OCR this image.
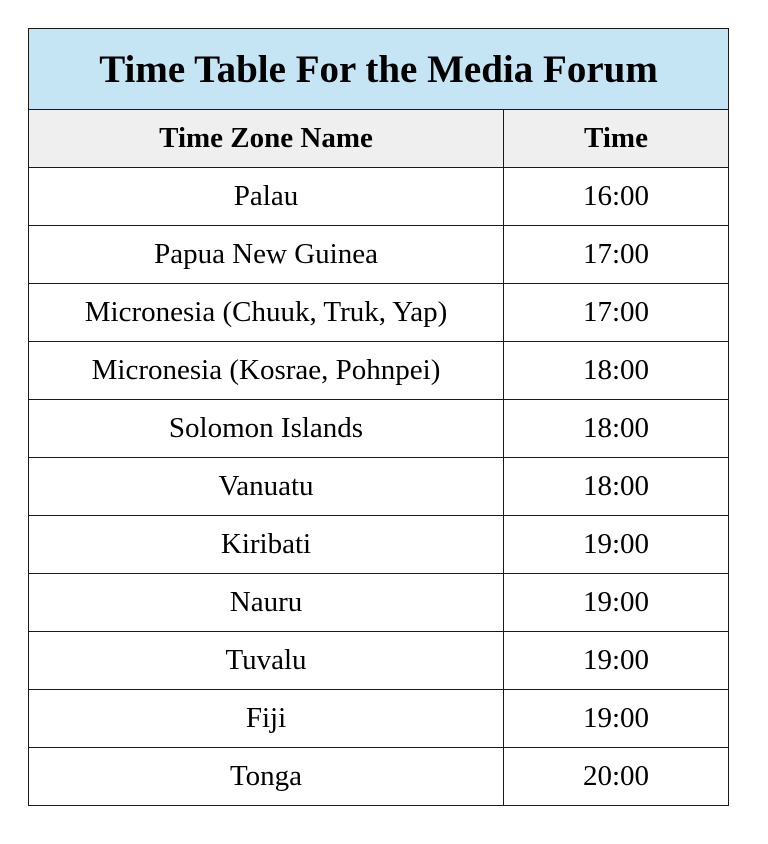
Time Table For the Media Forum	
Time Zone Name	Time
Palau	16:00
Papua New Guinea	17:00
Micronesia (Chuuk, Truk, Yap)	17:00
Micronesia (Kosrae, Pohnpei)	18:00
Solomon Islands	18:00
Vanuatu	18:00
Kiribati	19:00
Nauru	19:00
Tuvalu	19:00
Fiji	19:00
Tonga	20:00
